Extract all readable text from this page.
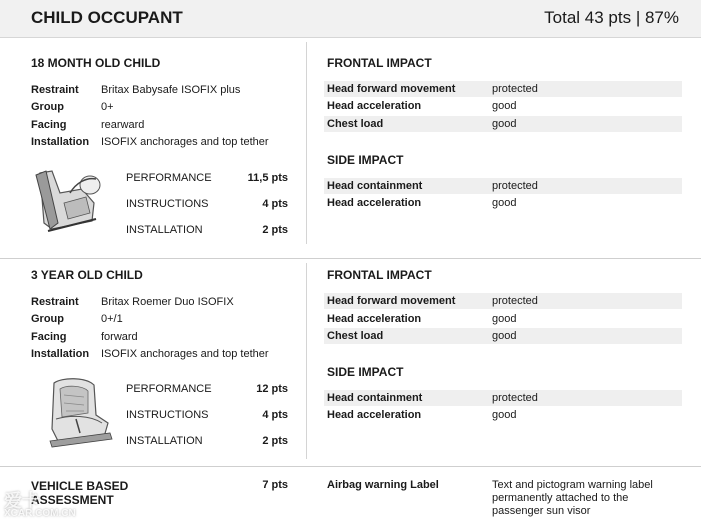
CHILD OCCUPANT	Total 43 pts | 87%
18 MONTH OLD CHILD
Restraint Britax Babysafe ISOFIX plus
Group	0+
Facing	rearward
Installation ISOFIX anchorages and top tether
PERFORMANCE	11,5 pts
INSTRUCTIONS	4 pts
INSTALLATION	2 pts
FRONTAL IMPACT
Head forward movement	protected
Head acceleration	good
Chest load	good
SIDE IMPACT
Head containment	protected
Head acceleration	good
3 YEAR OLD CHILD
Restraint Britax Roemer Duo ISOFIX
Group	0+/1
Facing	forward
Installation ISOFIX anchorages and top tether
PERFORMANCE	12 pts
INSTRUCTIONS	4 pts
INSTALLATION	2 pts
FRONTAL IMPACT
Head forward movement	protected
Head acceleration	good
Chest load	good
SIDE IMPACT
Head containment	protected
Head acceleration	good
VEHICLE BASED
ASSESSMENT
7 pts	Airbag warning Label	Text and pictogram warning label
permanently attached to the
passenger sun visor
爱卡
XCAR.COM.CN
